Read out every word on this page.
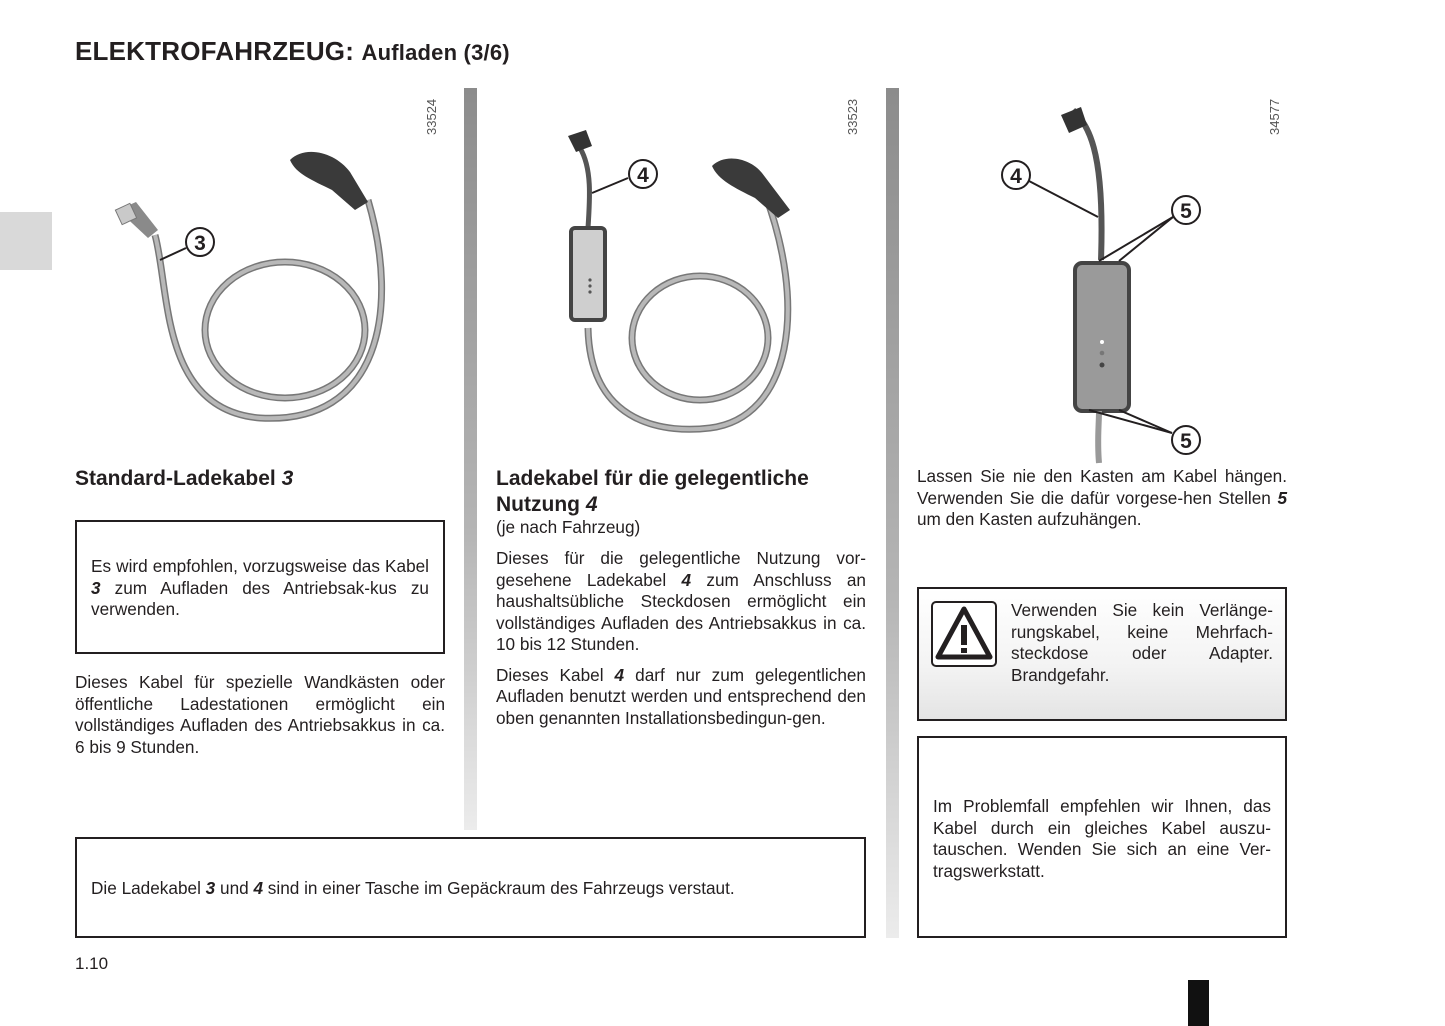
ELEKTROFAHRZEUG: Aufladen (3/6)
33524	33523	34577
3
4	4
5
5
Standard-Ladekabel 3
Es wird empfohlen, vorzugsweise das Kabel 3 zum Aufladen des Antriebsak-kus zu verwenden.

Dieses Kabel für spezielle Wandkästen oder öffentliche Ladestationen ermöglicht ein vollständiges Aufladen des Antriebsakkus in ca. 6 bis 9 Stunden.

Ladekabel für die gelegentliche
Nutzung 4
(je nach Fahrzeug)

Dieses für die gelegentliche Nutzung vor-gesehene Ladekabel 4 zum Anschluss an haushaltsübliche Steckdosen ermöglicht ein vollständiges Aufladen des Antriebsakkus in ca. 10 bis 12 Stunden.

Dieses Kabel 4 darf nur zum gelegentlichen Aufladen benutzt werden und entsprechend den oben genannten Installationsbedingun-gen.

Lassen Sie nie den Kasten am Kabel hängen. Verwenden Sie die dafür vorgese-hen Stellen 5 um den Kasten aufzuhängen.

Verwenden Sie kein Verlänge-rungskabel, keine Mehrfach-steckdose oder Adapter. Brandgefahr.
Im Problemfall empfehlen wir Ihnen, das Kabel durch ein gleiches Kabel auszu-tauschen. Wenden Sie sich an eine Ver-tragswerkstatt.
Die Ladekabel 3 und 4 sind in einer Tasche im Gepäckraum des Fahrzeugs verstaut.
1.10
